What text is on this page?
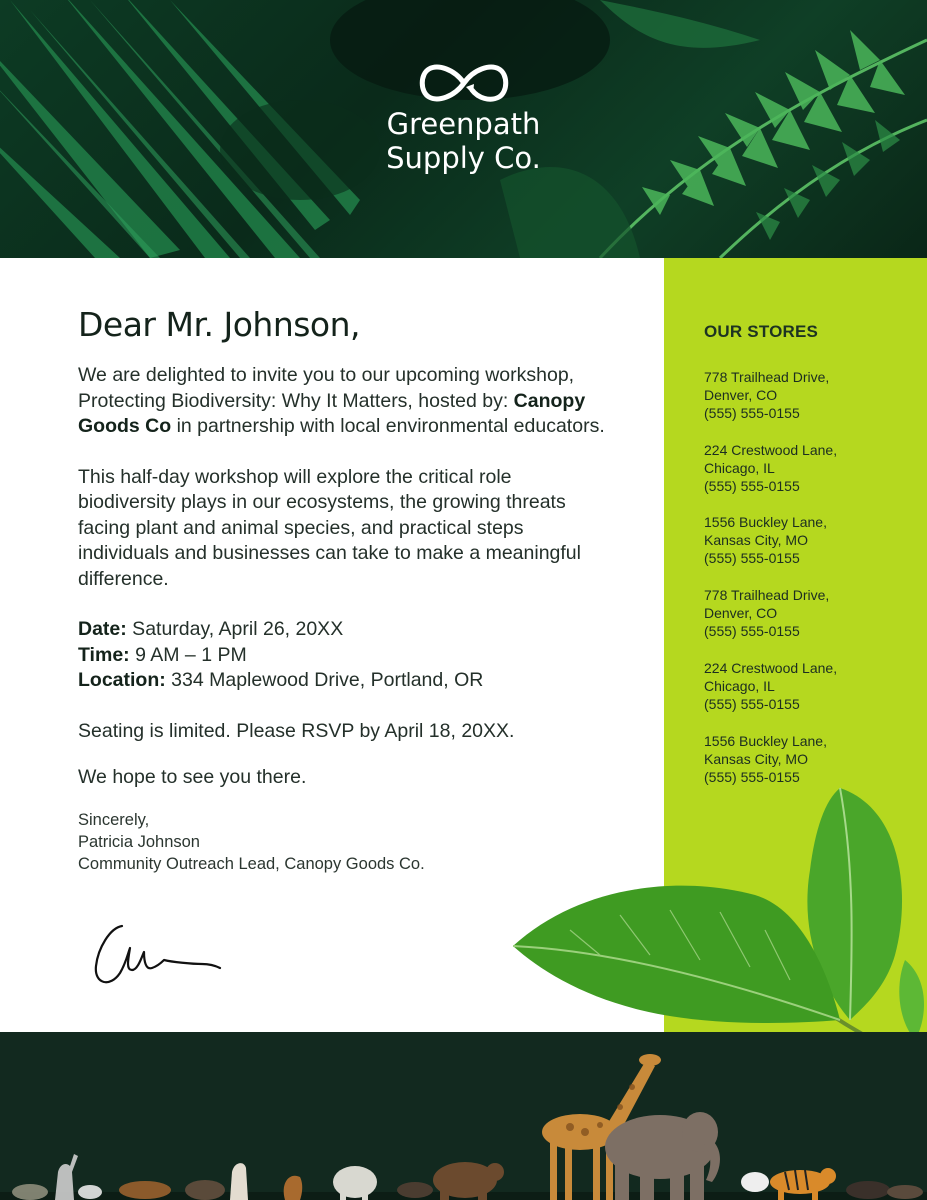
Greenpath
Supply Co.
OUR STORES
778 Trailhead Drive,
Denver, CO
(555) 555-0155
224 Crestwood Lane,
Chicago, IL
(555) 555-0155
1556 Buckley Lane,
Kansas City, MO
(555) 555-0155
778 Trailhead Drive,
Denver, CO
(555) 555-0155
224 Crestwood Lane,
Chicago, IL
(555) 555-0155
1556 Buckley Lane,
Kansas City, MO
(555) 555-0155
Dear Mr. Johnson,

We are delighted to invite you to our upcoming workshop, Protecting Biodiversity: Why It Matters, hosted by: Canopy Goods Co in partnership with local environmental educators.

This half-day workshop will explore the critical role biodiversity plays in our ecosystems, the growing threats facing plant and animal species, and practical steps individuals and businesses can take to make a meaningful difference.

Date: Saturday, April 26, 20XX
Time: 9 AM – 1 PM
Location: 334 Maplewood Drive, Portland, OR

Seating is limited. Please RSVP by April 18, 20XX.

We hope to see you there.

Sincerely,
Patricia Johnson
Community Outreach Lead, Canopy Goods Co.
